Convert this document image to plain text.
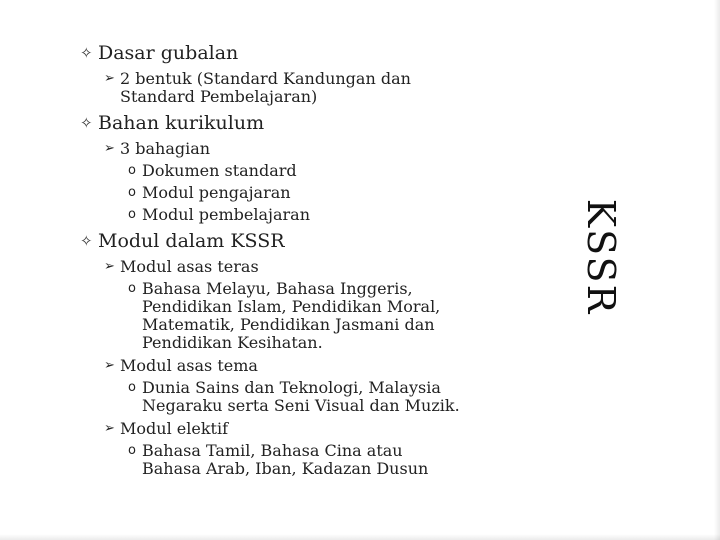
✧ Dasar gubalan
➢ 2 bentuk (Standard Kandungan dan Standard Pembelajaran)
✧ Bahan kurikulum
➢ 3 bahagian
o Dokumen standard
o Modul pengajaran
o Modul pembelajaran
✧ Modul dalam KSSR
➢ Modul asas teras
o Bahasa Melayu, Bahasa Inggeris, Pendidikan Islam, Pendidikan Moral, Matematik, Pendidikan Jasmani dan Pendidikan Kesihatan.
➢ Modul asas tema
o Dunia Sains dan Teknologi, Malaysia Negaraku serta Seni Visual dan Muzik.
➢ Modul elektif
o Bahasa Tamil, Bahasa Cina atau Bahasa Arab, Iban, Kadazan Dusun
KSSR
